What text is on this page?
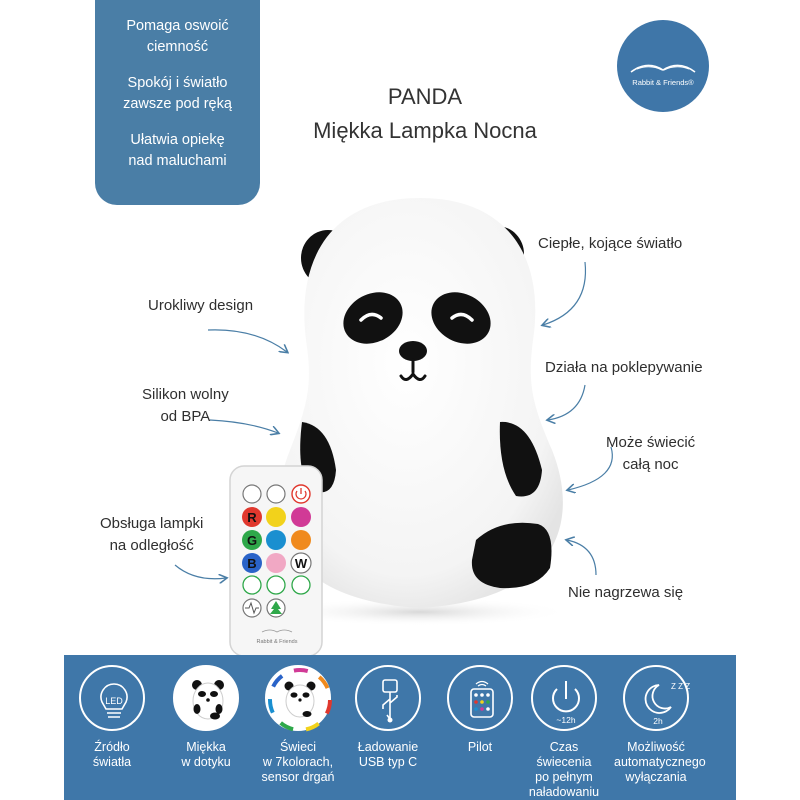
Pomaga oswoić
ciemność
Spokój i światło
zawsze pod ręką
Ułatwia opiekę
nad maluchami
Rabbit & Friends®
PANDA
Miękka Lampka Nocna
R
G
B	W
Rabbit & Friends
Ciepłe, kojące światło
Urokliwy design
Działa na poklepywanie
Silikon wolny
od BPA
Może świecić
całą noc
Obsługa lampki
na odległość
Nie nagrzewa się
LED
Źródło
światła
Miękka
w dotyku
Świeci
w 7kolorach,
sensor drgań
Ładowanie
USB typ C
Pilot
~12h
Czas świecenia
po pełnym
naładowaniu
Z Z Z
2h
Możliwość
automatycznego
wyłączania
